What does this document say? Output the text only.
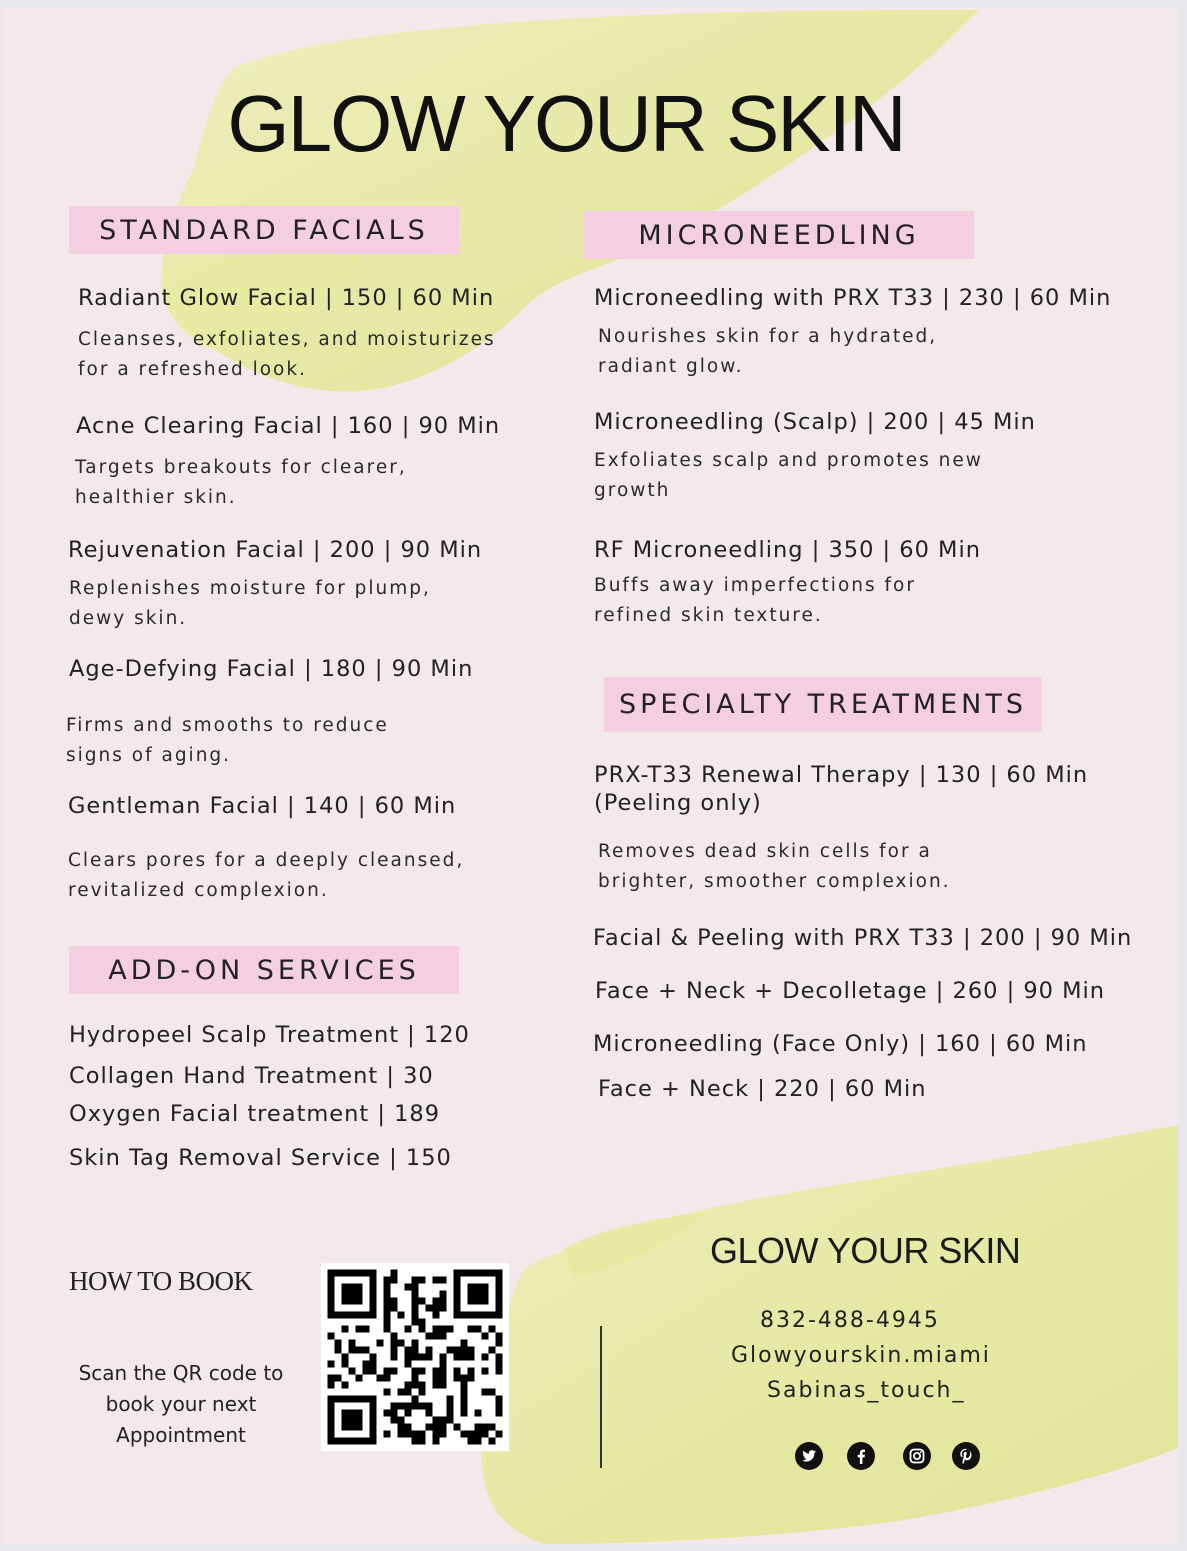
GLOW YOUR SKIN
STANDARD FACIALS
Radiant Glow Facial | 150 | 60 Min
Cleanses, exfoliates, and moisturizes for a refreshed look.
Acne Clearing Facial | 160 | 90 Min
Targets breakouts for clearer, healthier skin.
Rejuvenation Facial | 200 | 90 Min
Replenishes moisture for plump, dewy skin.
Age-Defying Facial | 180 | 90 Min
Firms and smooths to reduce signs of aging.
Gentleman Facial | 140 | 60 Min
Clears pores for a deeply cleansed, revitalized complexion.
ADD-ON SERVICES
Hydropeel Scalp Treatment | 120
Collagen Hand Treatment | 30
Oxygen Facial treatment | 189
Skin Tag Removal Service | 150
MICRONEEDLING
Microneedling with PRX T33 | 230 | 60 Min
Nourishes skin for a hydrated, radiant glow.
Microneedling (Scalp) | 200 | 45 Min
Exfoliates scalp and promotes new growth
RF Microneedling | 350 | 60 Min
Buffs away imperfections for refined skin texture.
SPECIALTY TREATMENTS
PRX-T33 Renewal Therapy | 130 | 60 Min
(Peeling only)
Removes dead skin cells for a brighter, smoother complexion.
Facial & Peeling with PRX T33 | 200 | 90 Min
Face + Neck + Decolletage | 260 | 90 Min
Microneedling (Face Only) | 160 | 60 Min
Face + Neck | 220 | 60 Min
HOW TO BOOK
Scan the QR code to book your next Appointment
GLOW YOUR SKIN
832-488-4945
Glowyourskin.miami
Sabinas_touch_
